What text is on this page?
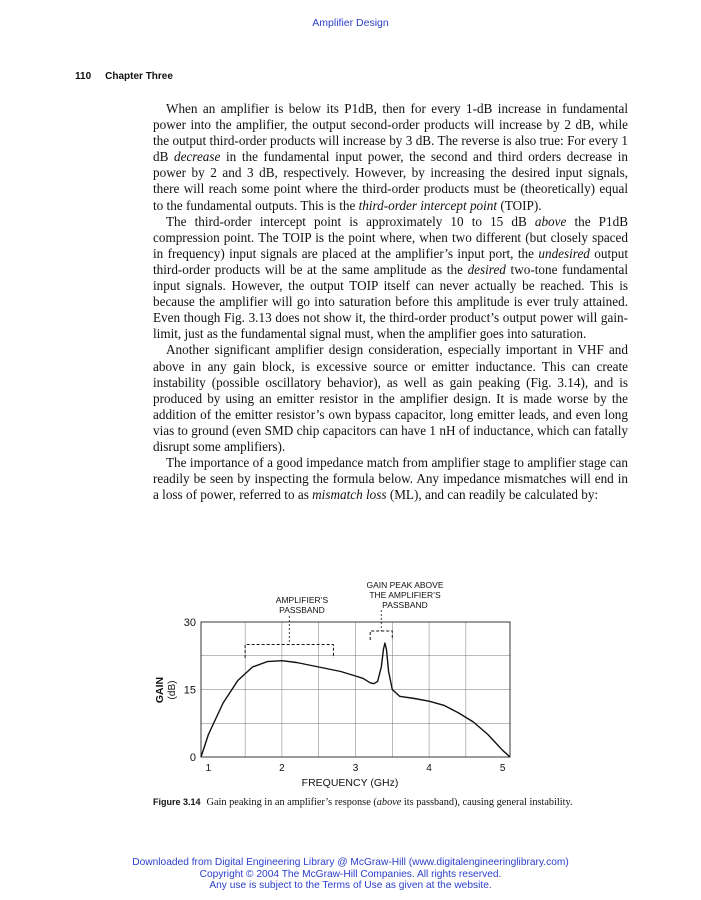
Amplifier Design
110 Chapter Three

When an amplifier is below its P1dB, then for every 1-dB increase in fundamental power into the amplifier, the output second-order products will increase by 2 dB, while the output third-order products will increase by 3 dB. The reverse is also true: For every 1 dB decrease in the fundamental input power, the second and third orders decrease in power by 2 and 3 dB, respectively. However, by increasing the desired input signals, there will reach some point where the third-order products must be (theoretically) equal to the fundamental outputs. This is the third-order intercept point (TOIP).

The third-order intercept point is approximately 10 to 15 dB above the P1dB compression point. The TOIP is the point where, when two different (but closely spaced in frequency) input signals are placed at the amplifier’s input port, the undesired output third-order products will be at the same amplitude as the desired two-tone fundamental input signals. However, the output TOIP itself can never actually be reached. This is because the amplifier will go into saturation before this amplitude is ever truly attained. Even though Fig. 3.13 does not show it, the third-order product’s output power will gain-limit, just as the fundamental signal must, when the amplifier goes into saturation.

Another significant amplifier design consideration, especially important in VHF and above in any gain block, is excessive source or emitter inductance. This can create instability (possible oscillatory behavior), as well as gain peaking (Fig. 3.14), and is produced by using an emitter resistor in the amplifier design. It is made worse by the addition of the emitter resistor’s own bypass capacitor, long emitter leads, and even long vias to ground (even SMD chip capacitors can have 1 nH of inductance, which can fatally disrupt some amplifiers).

The importance of a good impedance match from amplifier stage to amplifier stage can readily be seen by inspecting the formula below. Any impedance mismatches will end in a loss of power, referred to as mismatch loss (ML), and can readily be calculated by:

AMPLIFIER’S
PASSBAND
GAIN PEAK ABOVE
THE AMPLIFIER’S
PASSBAND
0
15
30
1	2	3	4	5
FREQUENCY (GHz)
GAIN (dB)
Figure 3.14 Gain peaking in an amplifier’s response (above its passband), causing general instability.
Downloaded from Digital Engineering Library @ McGraw-Hill (www.digitalengineeringlibrary.com)
Copyright © 2004 The McGraw-Hill Companies. All rights reserved.
Any use is subject to the Terms of Use as given at the website.
